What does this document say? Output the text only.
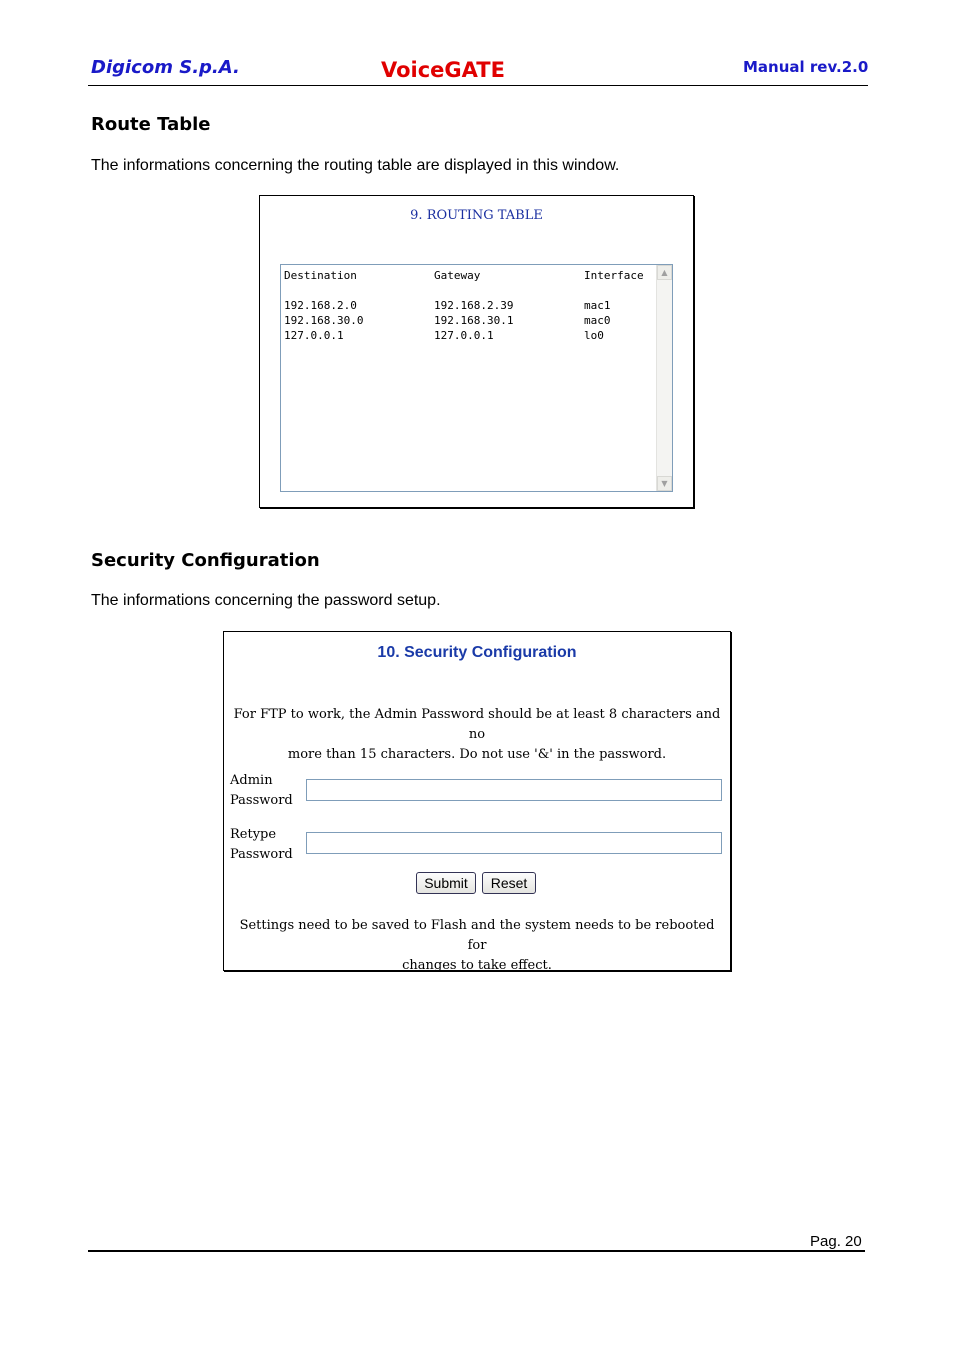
Digicom S.p.A.	VoiceGATE	Manual rev.2.0
Route Table
The informations concerning the routing table are displayed in this window.
9. ROUTING TABLE
Destination	Gateway	Interface
192.168.2.0	192.168.2.39	mac1
192.168.30.0	192.168.30.1	mac0
127.0.0.1	127.0.0.1	lo0
▲
▼
Security Configuration
The informations concerning the password setup.
10. Security Configuration
For FTP to work, the Admin Password should be at least 8 characters and no
more than 15 characters. Do not use '&' in the password.
Admin
Password
Retype
Password
Submit	Reset
Settings need to be saved to Flash and the system needs to be rebooted for
changes to take effect.
Pag. 20
